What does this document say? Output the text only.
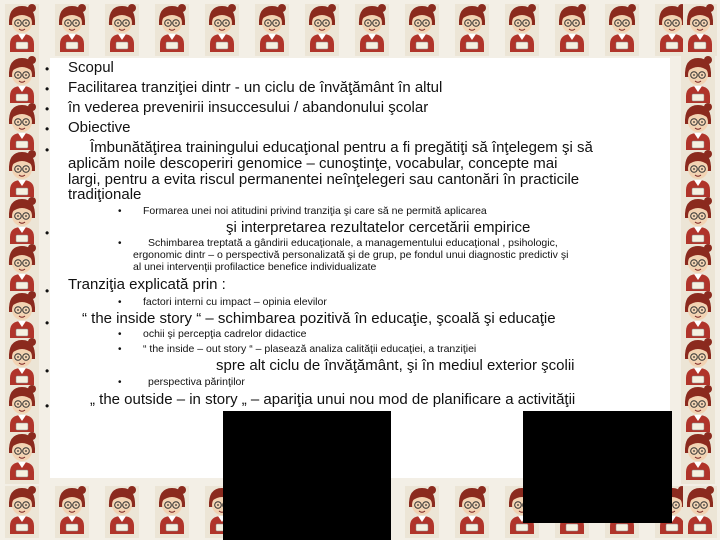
• Scopul
• Facilitarea tranziţiei dintr - un ciclu de învăţământ în altul
• în vederea prevenirii insuccesului / abandonului şcolar
• Obiective
•	Îmbunătăţirea trainingului educaţional pentru a fi pregătiţi să înţelegem şi să
aplicăm noile descoperiri genomice – cunoştinţe, vocabular, concepte mai
largi, pentru a evita riscul permanentei neînţelegeri sau cantonări în practicile
tradiţionale
• Formarea unei noi atitudini privind tranziţia şi care să ne permită aplicarea
•	şi interpretarea rezultatelor cercetării empirice
•	Schimbarea treptată a gândirii educaţionale, a managementului educaţional , psihologic,
ergonomic dintr – o perspectivă personalizată şi de grup, pe fondul unui diagnostic predictiv şi
al unei intervenţii profilactice benefice individualizate
• Tranziţia explicată prin :
• factori interni cu impact – opinia elevilor
• “ the inside story “ – schimbarea pozitivă în educaţie, şcoală şi educaţie
• ochii şi percepţia cadrelor didactice
• “ the inside – out story “ – plasează analiza calităţii educaţiei, a tranziţiei
•	spre alt ciclu de învăţământ, şi în mediul exterior şcolii
•	perspectiva părinţilor
•	„ the outside – in story „ – apariţia unui nou mod de planificare a activităţii
